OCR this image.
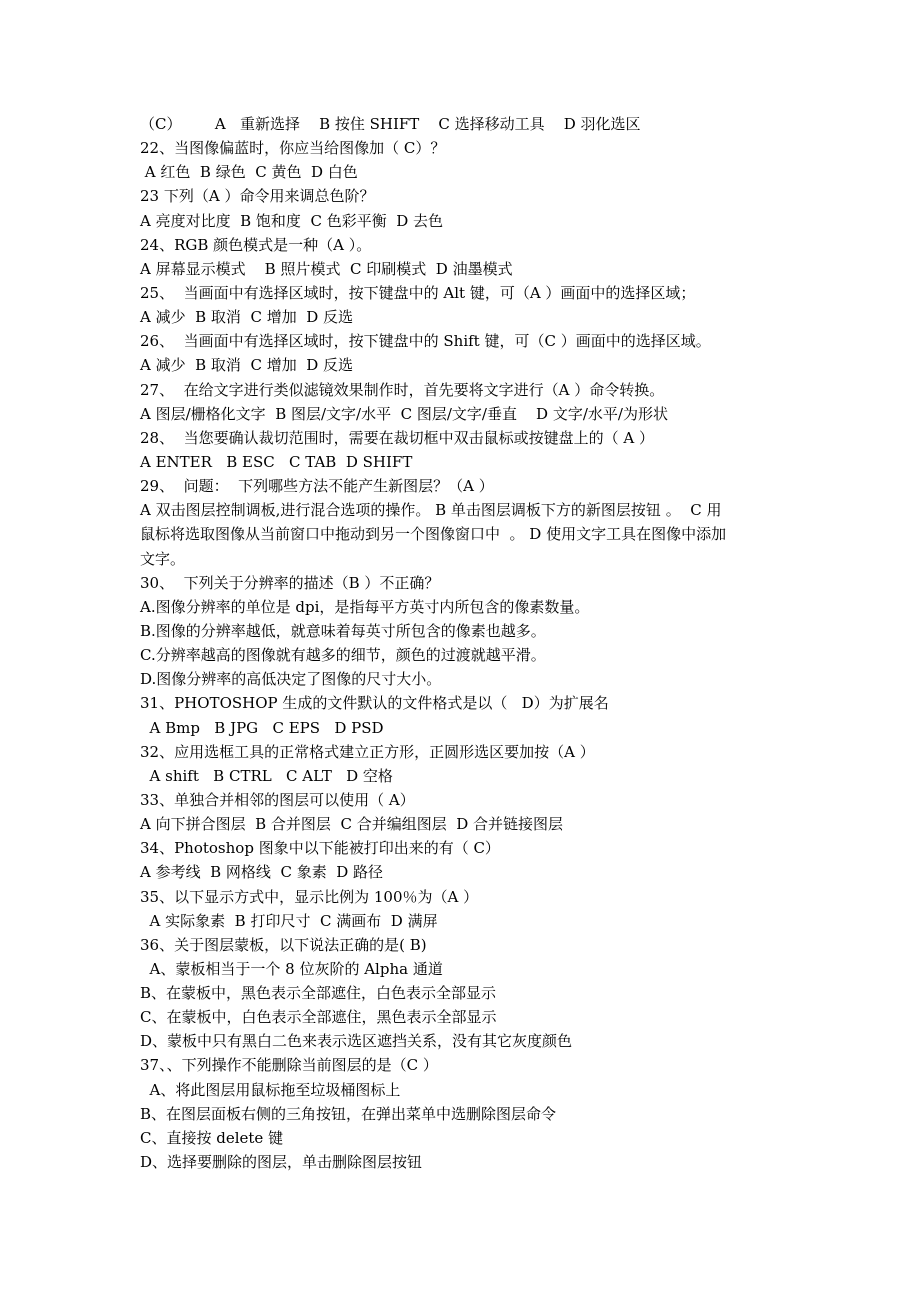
（C）       A   重新选择    B 按住 SHIFT    C 选择移动工具    D 羽化选区
22、当图像偏蓝时，你应当给图像加（ C）？
A 红色  B 绿色  C 黄色  D 白色
23 下列（A ）命令用来调总色阶？
A 亮度对比度  B 饱和度  C 色彩平衡  D 去色
24、RGB 颜色模式是一种（A ）。
A 屏幕显示模式    B 照片模式  C 印刷模式  D 油墨模式
25、  当画面中有选择区域时，按下键盘中的 Alt 键，可（A ）画面中的选择区域；
A 减少  B 取消  C 增加  D 反选
26、  当画面中有选择区域时，按下键盘中的 Shift 键，可（C ）画面中的选择区域。
A 减少  B 取消  C 增加  D 反选
27、  在给文字进行类似滤镜效果制作时，首先要将文字进行（A ）命令转换。
A 图层/栅格化文字  B 图层/文字/水平  C 图层/文字/垂直    D 文字/水平/为形状
28、  当您要确认裁切范围时，需要在裁切框中双击鼠标或按键盘上的（ A ）
A ENTER   B ESC   C TAB  D SHIFT
29、  问题：  下列哪些方法不能产生新图层？（A ）
A 双击图层控制调板,进行混合选项的操作。 B 单击图层调板下方的新图层按钮 。  C 用
鼠标将选取图像从当前窗口中拖动到另一个图像窗口中  。 D 使用文字工具在图像中添加
文字。
30、  下列关于分辨率的描述（B ）不正确？
A.图像分辨率的单位是 dpi，是指每平方英寸内所包含的像素数量。
B.图像的分辨率越低，就意味着每英寸所包含的像素也越多。
C.分辨率越高的图像就有越多的细节，颜色的过渡就越平滑。
D.图像分辨率的高低决定了图像的尺寸大小。
31、PHOTOSHOP 生成的文件默认的文件格式是以（   D）为扩展名
A Bmp   B JPG   C EPS   D PSD
32、应用选框工具的正常格式建立正方形，正圆形选区要加按（A ）
A shift   B CTRL   C ALT   D 空格
33、单独合并相邻的图层可以使用（ A）
A 向下拼合图层  B 合并图层  C 合并编组图层  D 合并链接图层
34、Photoshop 图象中以下能被打印出来的有（ C）
A 参考线  B 网格线  C 象素  D 路径
35、以下显示方式中，显示比例为 100％为（A ）
A 实际象素  B 打印尺寸  C 满画布  D 满屏
36、关于图层蒙板，以下说法正确的是( B)
A、蒙板相当于一个 8 位灰阶的 Alpha 通道
B、在蒙板中，黑色表示全部遮住，白色表示全部显示
C、在蒙板中，白色表示全部遮住，黑色表示全部显示
D、蒙板中只有黑白二色来表示选区遮挡关系，没有其它灰度颜色
37、、下列操作不能删除当前图层的是（C ）
A、将此图层用鼠标拖至垃圾桶图标上
B、在图层面板右侧的三角按钮，在弹出菜单中选删除图层命令
C、直接按 delete 键
D、选择要删除的图层，单击删除图层按钮
